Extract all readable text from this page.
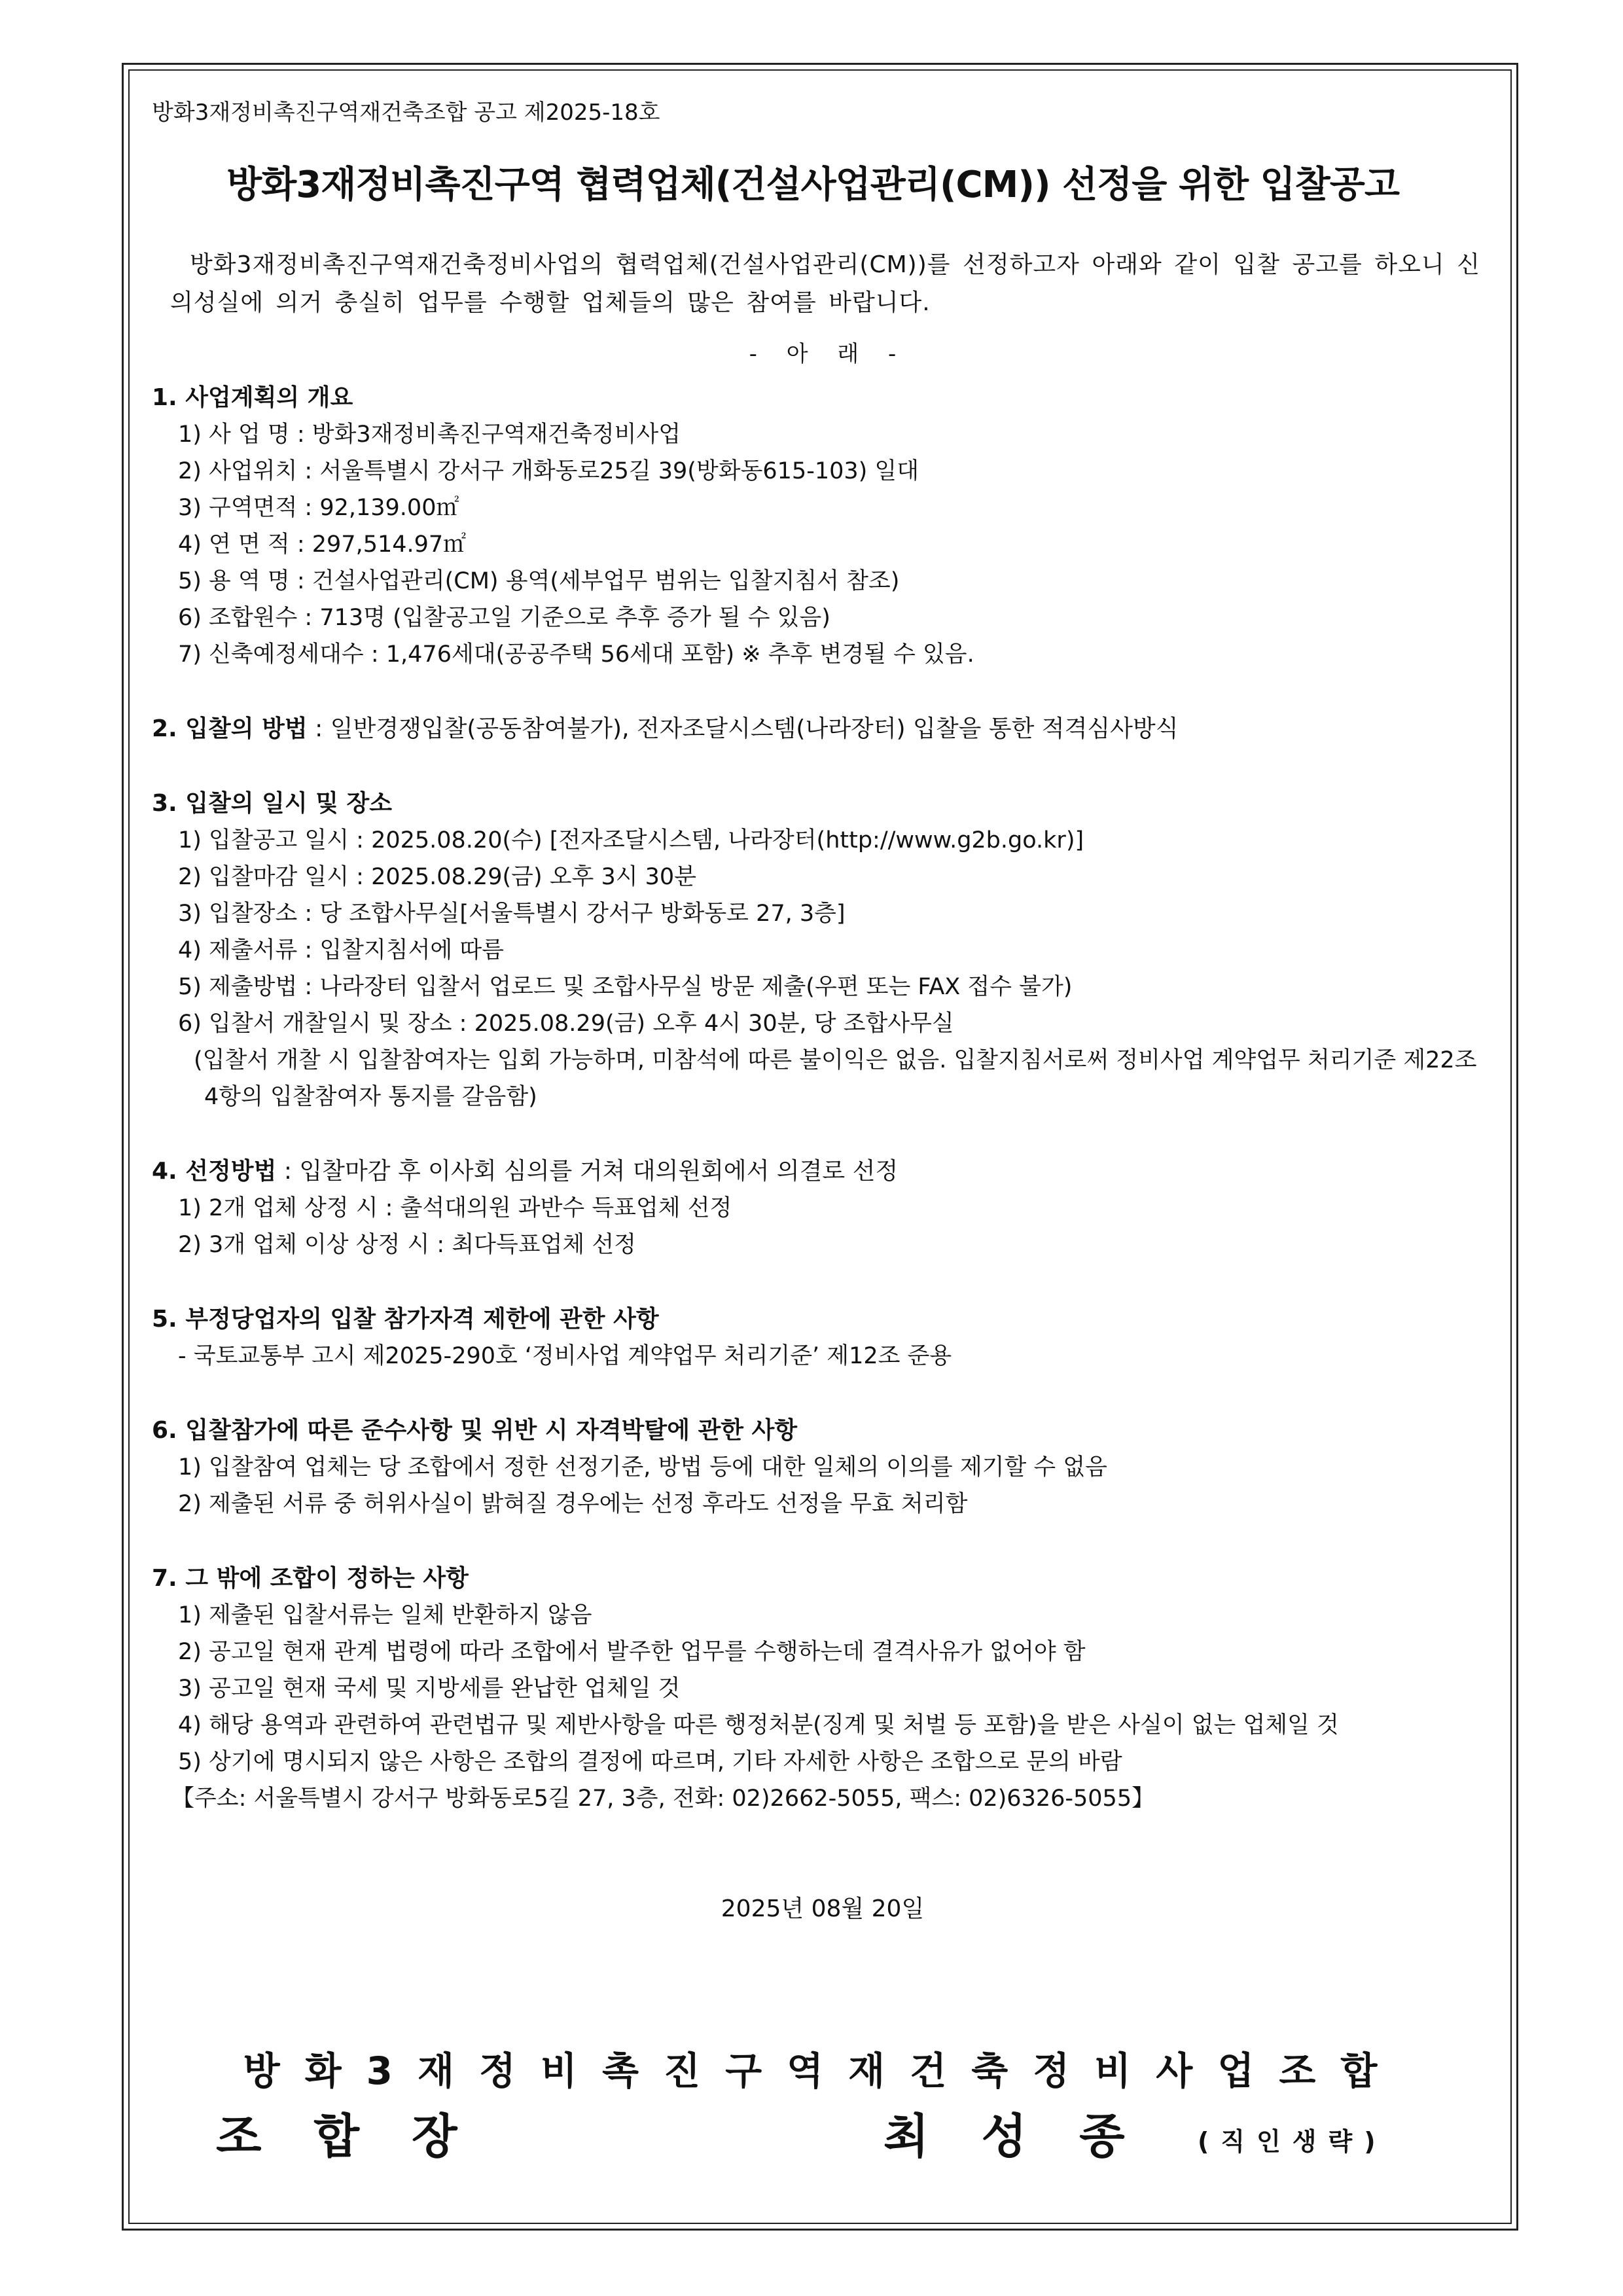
방화3재정비촉진구역재건축조합 공고 제2025-18호
방화3재정비촉진구역 협력업체(건설사업관리(CM)) 선정을 위한 입찰공고

방화3재정비촉진구역재건축정비사업의 협력업체(건설사업관리(CM))를 선정하고자 아래와 같이 입찰 공고를 하오니 신의성실에 의거 충실히 업무를 수행할 업체들의 많은 참여를 바랍니다.

- 아 래 -
1. 사업계획의 개요
1) 사 업 명 : 방화3재정비촉진구역재건축정비사업
2) 사업위치 : 서울특별시 강서구 개화동로25길 39(방화동615-103) 일대
3) 구역면적 : 92,139.00㎡
4) 연 면 적 : 297,514.97㎡
5) 용 역 명 : 건설사업관리(CM) 용역(세부업무 범위는 입찰지침서 참조)
6) 조합원수 : 713명 (입찰공고일 기준으로 추후 증가 될 수 있음)
7) 신축예정세대수 : 1,476세대(공공주택 56세대 포함) ※ 추후 변경될 수 있음.
2. 입찰의 방법 : 일반경쟁입찰(공동참여불가), 전자조달시스템(나라장터) 입찰을 통한 적격심사방식
3. 입찰의 일시 및 장소
1) 입찰공고 일시 : 2025.08.20(수) [전자조달시스템, 나라장터(http://www.g2b.go.kr)]
2) 입찰마감 일시 : 2025.08.29(금) 오후 3시 30분
3) 입찰장소 : 당 조합사무실[서울특별시 강서구 방화동로 27, 3층]
4) 제출서류 : 입찰지침서에 따름
5) 제출방법 : 나라장터 입찰서 업로드 및 조합사무실 방문 제출(우편 또는 FAX 접수 불가)
6) 입찰서 개찰일시 및 장소 : 2025.08.29(금) 오후 4시 30분, 당 조합사무실
(입찰서 개찰 시 입찰참여자는 입회 가능하며, 미참석에 따른 불이익은 없음. 입찰지침서로써 정비사업 계약업무 처리기준 제22조4항의 입찰참여자 통지를 갈음함)
4. 선정방법 : 입찰마감 후 이사회 심의를 거쳐 대의원회에서 의결로 선정
1) 2개 업체 상정 시 : 출석대의원 과반수 득표업체 선정
2) 3개 업체 이상 상정 시 : 최다득표업체 선정
5. 부정당업자의 입찰 참가자격 제한에 관한 사항
- 국토교통부 고시 제2025-290호 ‘정비사업 계약업무 처리기준’ 제12조 준용
6. 입찰참가에 따른 준수사항 및 위반 시 자격박탈에 관한 사항
1) 입찰참여 업체는 당 조합에서 정한 선정기준, 방법 등에 대한 일체의 이의를 제기할 수 없음
2) 제출된 서류 중 허위사실이 밝혀질 경우에는 선정 후라도 선정을 무효 처리함
7. 그 밖에 조합이 정하는 사항
1) 제출된 입찰서류는 일체 반환하지 않음
2) 공고일 현재 관계 법령에 따라 조합에서 발주한 업무를 수행하는데 결격사유가 없어야 함
3) 공고일 현재 국세 및 지방세를 완납한 업체일 것
4) 해당 용역과 관련하여 관련법규 및 제반사항을 따른 행정처분(징계 및 처벌 등 포함)을 받은 사실이 없는 업체일 것
5) 상기에 명시되지 않은 사항은 조합의 결정에 따르며, 기타 자세한 사항은 조합으로 문의 바람
【주소: 서울특별시 강서구 방화동로5길 27, 3층, 전화: 02)2662-5055, 팩스: 02)6326-5055】
2025년 08월 20일
방화3재정비촉진구역재건축정비사업조합
조합장	최성종 (직인생략)
